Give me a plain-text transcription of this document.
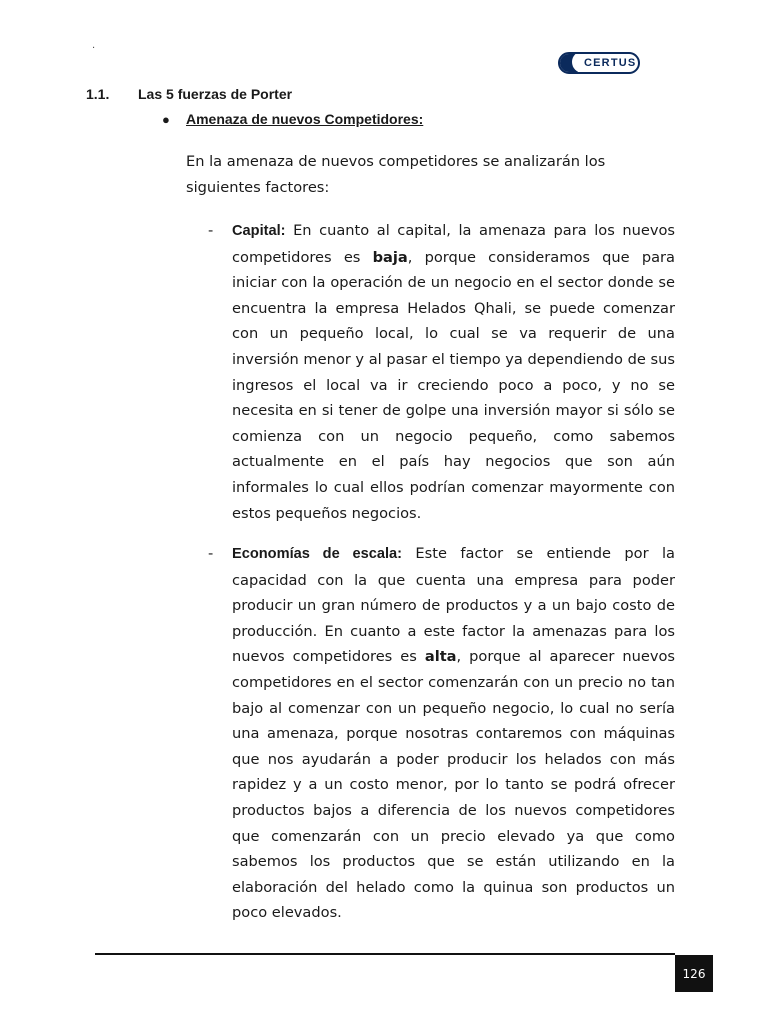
.
CERTUS
1.1. Las 5 fuerzas de Porter
● Amenaza de nuevos Competidores:

En la amenaza de nuevos competidores se analizarán los siguientes factores:

- Capital: En cuanto al capital, la amenaza para los nuevos competidores es baja, porque consideramos que para iniciar con la operación de un negocio en el sector donde se encuentra la empresa Helados Qhali, se puede comenzar con un pequeño local, lo cual se va requerir de una inversión menor y al pasar el tiempo ya dependiendo de sus ingresos el local va ir creciendo poco a poco, y no se necesita en si tener de golpe una inversión mayor si sólo se comienza con un negocio pequeño, como sabemos actualmente en el país hay negocios que son aún informales lo cual ellos podrían comenzar mayormente con estos pequeños negocios.

- Economías de escala: Este factor se entiende por la capacidad con la que cuenta una empresa para poder producir un gran número de productos y a un bajo costo de producción. En cuanto a este factor la amenazas para los nuevos competidores es alta, porque al aparecer nuevos competidores en el sector comenzarán con un precio no tan bajo al comenzar con un pequeño negocio, lo cual no sería una amenaza, porque nosotras contaremos con máquinas que nos ayudarán a poder producir los helados con más rapidez y a un costo menor, por lo tanto se podrá ofrecer productos bajos a diferencia de los nuevos competidores que comenzarán con un precio elevado ya que como sabemos los productos que se están utilizando en la elaboración del helado como la quinua son productos un poco elevados.

126
